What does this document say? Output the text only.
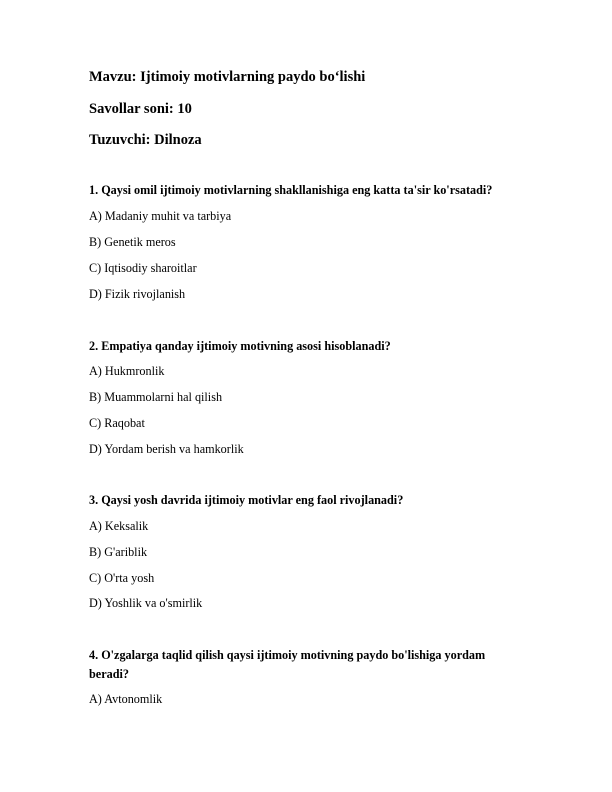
Mavzu: Ijtimoiy motivlarning paydo bo‘lishi
Savollar soni: 10
Tuzuvchi: Dilnoza
1. Qaysi omil ijtimoiy motivlarning shakllanishiga eng katta ta'sir ko'rsatadi?
A) Madaniy muhit va tarbiya
B) Genetik meros
C) Iqtisodiy sharoitlar
D) Fizik rivojlanish
2. Empatiya qanday ijtimoiy motivning asosi hisoblanadi?
A) Hukmronlik
B) Muammolarni hal qilish
C) Raqobat
D) Yordam berish va hamkorlik
3. Qaysi yosh davrida ijtimoiy motivlar eng faol rivojlanadi?
A) Keksalik
B) G'ariblik
C) O'rta yosh
D) Yoshlik va o'smirlik
4. O'zgalarga taqlid qilish qaysi ijtimoiy motivning paydo bo'lishiga yordam beradi?
A) Avtonomlik
